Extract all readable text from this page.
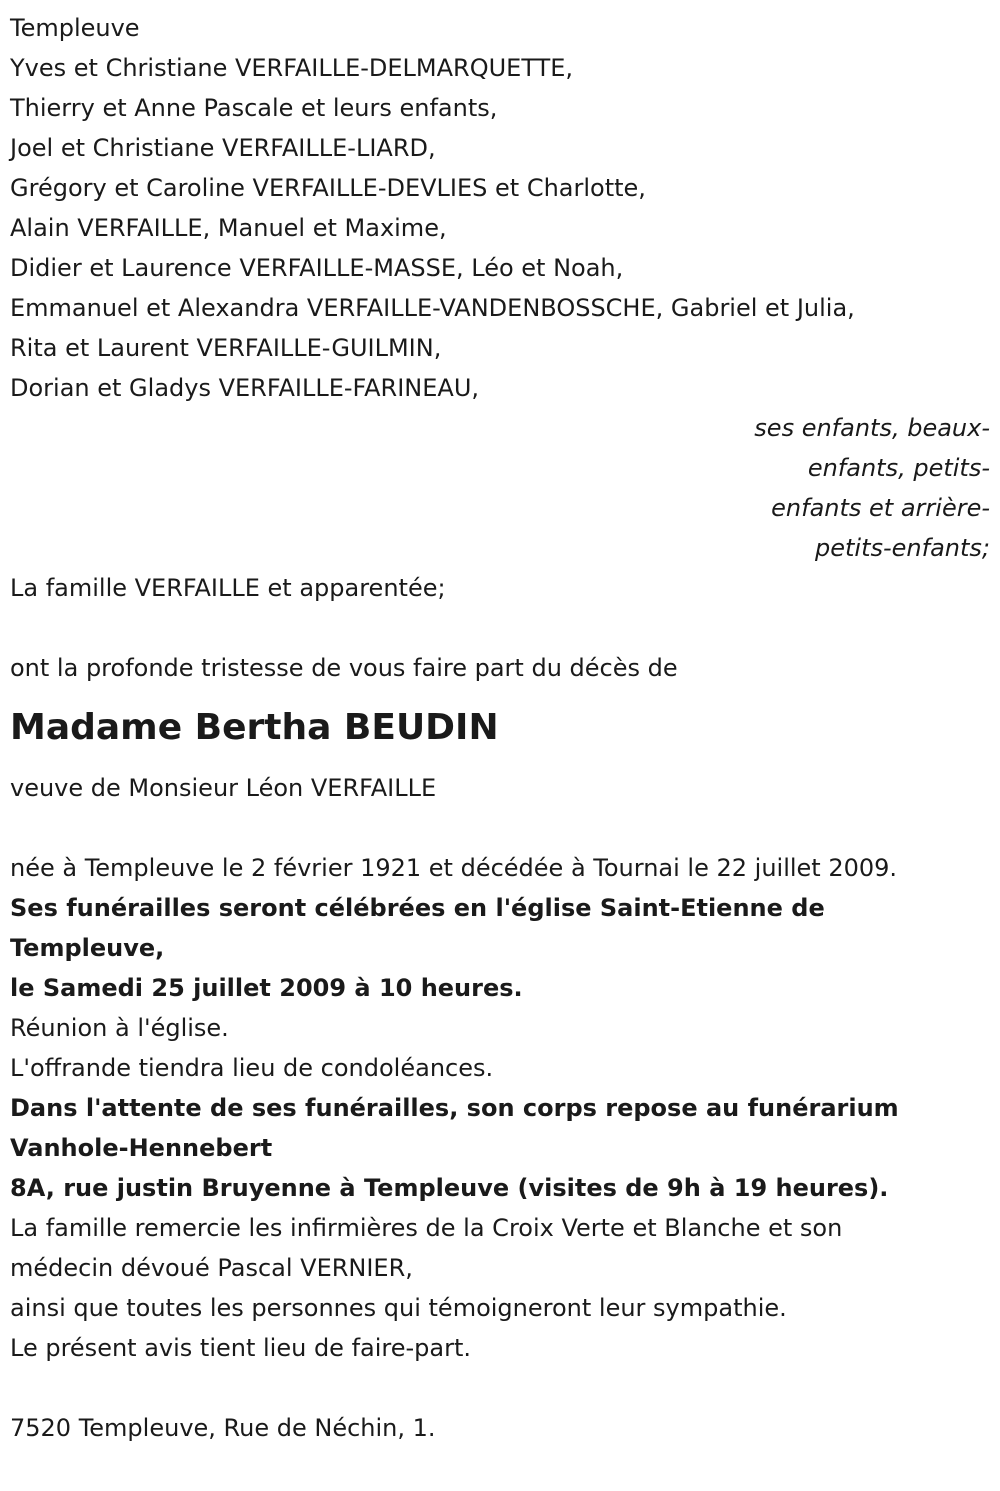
Templeuve
Yves et Christiane VERFAILLE-DELMARQUETTE,
Thierry et Anne Pascale et leurs enfants,
Joel et Christiane VERFAILLE-LIARD,
Grégory et Caroline VERFAILLE-DEVLIES et Charlotte,
Alain VERFAILLE, Manuel et Maxime,
Didier et Laurence VERFAILLE-MASSE, Léo et Noah,
Emmanuel et Alexandra VERFAILLE-VANDENBOSSCHE, Gabriel et Julia,
Rita et Laurent VERFAILLE-GUILMIN,
Dorian et Gladys VERFAILLE-FARINEAU,
ses enfants, beaux-
enfants, petits-
enfants et arrière-
petits-enfants;
La famille VERFAILLE et apparentée;
ont la profonde tristesse de vous faire part du décès de
Madame Bertha BEUDIN
veuve de Monsieur Léon VERFAILLE
née à Templeuve le 2 février 1921 et décédée à Tournai le 22 juillet 2009.
Ses funérailles seront célébrées en l'église Saint-Etienne de
Templeuve,
le Samedi 25 juillet 2009 à 10 heures.
Réunion à l'église.
L'offrande tiendra lieu de condoléances.
Dans l'attente de ses funérailles, son corps repose au funérarium
Vanhole-Hennebert
8A, rue justin Bruyenne à Templeuve (visites de 9h à 19 heures).
La famille remercie les infirmières de la Croix Verte et Blanche et son
médecin dévoué Pascal VERNIER,
ainsi que toutes les personnes qui témoigneront leur sympathie.
Le présent avis tient lieu de faire-part.
7520 Templeuve, Rue de Néchin, 1.
